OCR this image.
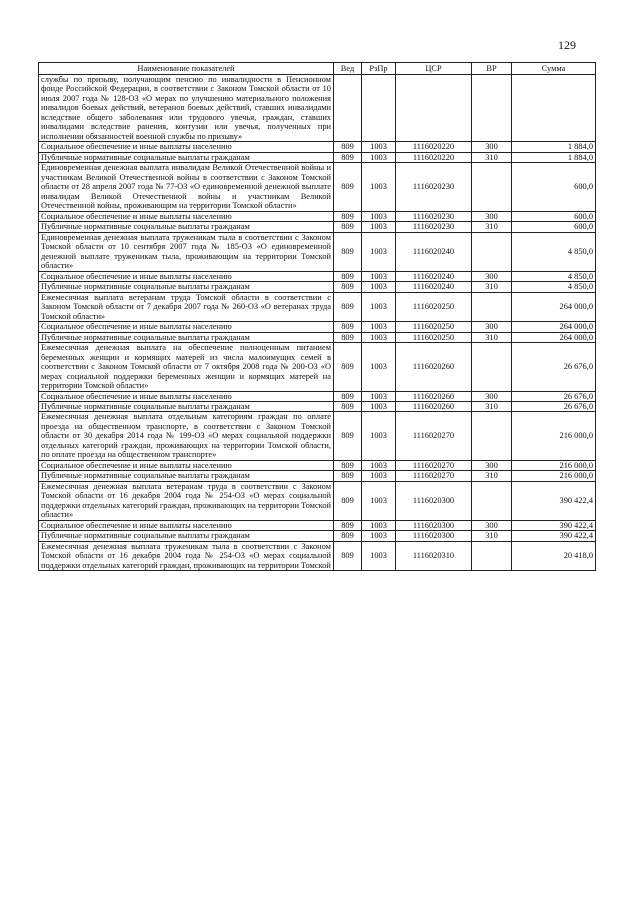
129
Наименование показателей	Вед	РзПр	ЦСР	ВР	Сумма
службы по призыву, получающим пенсию по инвалидности в Пенсионном фонде Российской Федерации, в соответствии с Законом Томской области от 10 июля 2007 года № 128-ОЗ «О мерах по улучшению материального положения инвалидов боевых действий, ветеранов боевых действий, ставших инвалидами вследствие общего заболевания или трудового увечья, граждан, ставших инвалидами вследствие ранения, контузии или увечья, полученных при исполнении обязанностей военной службы по призыву»					
Социальное обеспечение и иные выплаты населению	809	1003	1116020220	300	1 884,0
Публичные нормативные социальные выплаты гражданам	809	1003	1116020220	310	1 884,0
Единовременная денежная выплата инвалидам Великой Отечественной войны и участникам Великой Отечественной войны в соответствии с Законом Томской области от 28 апреля 2007 года № 77-ОЗ «О единовременной денежной выплате инвалидам Великой Отечественной войны и участникам Великой Отечественной войны, проживающим на территории Томской области»	809	1003	1116020230		600,0
Социальное обеспечение и иные выплаты населению	809	1003	1116020230	300	600,0
Публичные нормативные социальные выплаты гражданам	809	1003	1116020230	310	600,0
Единовременная денежная выплата труженикам тыла в соответствии с Законом Томской области от 10 сентября 2007 года № 185-ОЗ «О единовременной денежной выплате труженикам тыла, проживающим на территории Томской области»	809	1003	1116020240		4 850,0
Социальное обеспечение и иные выплаты населению	809	1003	1116020240	300	4 850,0
Публичные нормативные социальные выплаты гражданам	809	1003	1116020240	310	4 850,0
Ежемесячная выплата ветеранам труда Томской области в соответствии с Законом Томской области от 7 декабря 2007 года № 260-ОЗ «О ветеранах труда Томской области»	809	1003	1116020250		264 000,0
Социальное обеспечение и иные выплаты населению	809	1003	1116020250	300	264 000,0
Публичные нормативные социальные выплаты гражданам	809	1003	1116020250	310	264 000,0
Ежемесячная денежная выплата на обеспечение полноценным питанием беременных женщин и кормящих матерей из числа малоимущих семей в соответствии с Законом Томской области от 7 октября 2008 года № 200-ОЗ «О мерах социальной поддержки беременных женщин и кормящих матерей на территории Томской области»	809	1003	1116020260		26 676,0
Социальное обеспечение и иные выплаты населению	809	1003	1116020260	300	26 676,0
Публичные нормативные социальные выплаты гражданам	809	1003	1116020260	310	26 676,0
Ежемесячная денежная выплата отдельным категориям граждан по оплате проезда на общественном транспорте, в соответствии с Законом Томской области от 30 декабря 2014 года № 199-ОЗ «О мерах социальной поддержки отдельных категорий граждан, проживающих на территории Томской области, по оплате проезда на общественном транспорте»	809	1003	1116020270		216 000,0
Социальное обеспечение и иные выплаты населению	809	1003	1116020270	300	216 000,0
Публичные нормативные социальные выплаты гражданам	809	1003	1116020270	310	216 000,0
Ежемесячная денежная выплата ветеранам труда в соответствии с Законом Томской области от 16 декабря 2004 года № 254-ОЗ «О мерах социальной поддержки отдельных категорий граждан, проживающих на территории Томской области»	809	1003	1116020300		390 422,4
Социальное обеспечение и иные выплаты населению	809	1003	1116020300	300	390 422,4
Публичные нормативные социальные выплаты гражданам	809	1003	1116020300	310	390 422,4
Ежемесячная денежная выплата труженикам тыла в соответствии с Законом Томской области от 16 декабря 2004 года № 254-ОЗ «О мерах социальной поддержки отдельных категорий граждан, проживающих на территории Томской	809	1003	1116020310		20 418,0
